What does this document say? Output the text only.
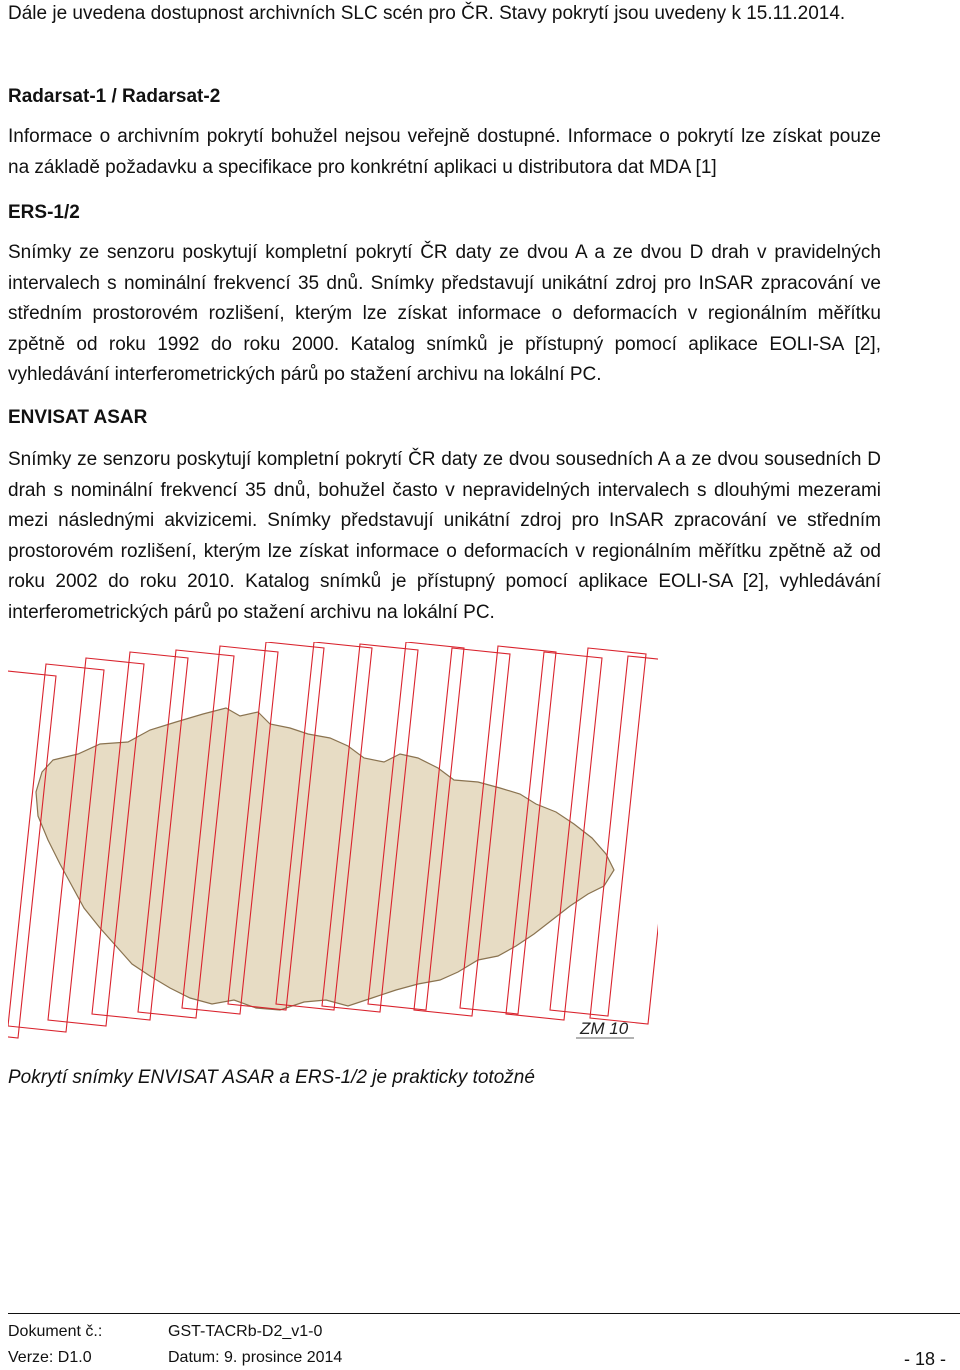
Dále je uvedena dostupnost archivních SLC scén pro ČR. Stavy pokrytí jsou uvedeny k 15.11.2014.
Radarsat-1 / Radarsat-2
Informace o archivním pokrytí bohužel nejsou veřejně dostupné. Informace o pokrytí lze získat pouze na základě požadavku a specifikace pro konkrétní aplikaci u distributora dat MDA [1]
ERS-1/2
Snímky ze senzoru poskytují kompletní pokrytí ČR daty ze dvou A a ze dvou D drah v pravidelných intervalech s nominální frekvencí 35 dnů. Snímky představují unikátní zdroj pro InSAR zpracování ve středním prostorovém rozlišení, kterým lze získat informace o deformacích v regionálním měřítku zpětně od roku 1992 do roku 2000. Katalog snímků je přístupný pomocí aplikace EOLI-SA [2], vyhledávání interferometrických párů po stažení archivu na lokální PC.
ENVISAT ASAR
Snímky ze senzoru poskytují kompletní pokrytí ČR daty ze dvou sousedních A a ze dvou sousedních D drah s nominální frekvencí 35 dnů, bohužel často v nepravidelných intervalech s dlouhými mezerami mezi následnými akvizicemi. Snímky představují unikátní zdroj pro InSAR zpracování ve středním prostorovém rozlišení, kterým lze získat informace o deformacích v regionálním měřítku zpětně až od roku 2002 do roku 2010. Katalog snímků je přístupný pomocí aplikace EOLI-SA [2], vyhledávání interferometrických párů po stažení archivu na lokální PC.
ZM 10
Pokrytí snímky ENVISAT ASAR a ERS-1/2 je prakticky totožné
Dokument č.:	GST-TACRb-D2_v1-0
Verze: D1.0	Datum: 9. prosince 2014	- 18 -
